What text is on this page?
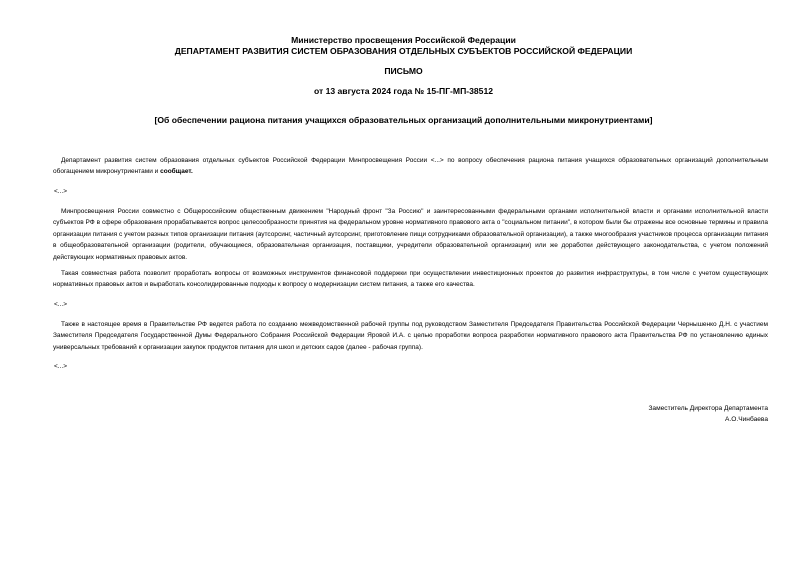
Министерство просвещения Российской Федерации
ДЕПАРТАМЕНТ РАЗВИТИЯ СИСТЕМ ОБРАЗОВАНИЯ ОТДЕЛЬНЫХ СУБЪЕКТОВ РОССИЙСКОЙ ФЕДЕРАЦИИ
ПИСЬМО
от 13 августа 2024 года № 15-ПГ-МП-38512
[Об обеспечении рациона питания учащихся образовательных организаций дополнительными микронутриентами]

Департамент развития систем образования отдельных субъектов Российской Федерации Минпросвещения России <...> по вопросу обеспечения рациона питания учащихся образовательных организаций дополнительным обогащением микронутриентами и сообщает.

<...>

Минпросвещения России совместно с Общероссийским общественным движением "Народный фронт "За Россию" и заинтересованными федеральными органами исполнительной власти и органами исполнительной власти субъектов РФ в сфере образования прорабатывается вопрос целесообразности принятия на федеральном уровне нормативного правового акта о "социальном питании", в котором были бы отражены все основные термины и правила организации питания с учетом разных типов организации питания (аутсорсинг, частичный аутсорсинг, приготовление пищи сотрудниками образовательной организации), а также многообразия участников процесса организации питания в общеобразовательной организации (родители, обучающиеся, образовательная организация, поставщики, учредители образовательной организации) или же доработки действующего законодательства, с учетом положений действующих нормативных правовых актов.

Такая совместная работа позволит проработать вопросы от возможных инструментов финансовой поддержки при осуществлении инвестиционных проектов до развития инфраструктуры, в том числе с учетом существующих нормативных правовых актов и выработать консолидированные подходы к вопросу о модернизации систем питания, а также его качества.

<...>

Также в настоящее время в Правительстве РФ ведется работа по созданию межведомственной рабочей группы под руководством Заместителя Председателя Правительства Российской Федерации Чернышенко Д.Н. с участием Заместителя Председателя Государственной Думы Федерального Собрания Российской Федерации Яровой И.А. с целью проработки вопроса разработки нормативного правового акта Правительства РФ по установлению единых универсальных требований к организации закупок продуктов питания для школ и детских садов (далее - рабочая группа).

<...>
Заместитель Директора Департамента
А.О.Чинбаева
